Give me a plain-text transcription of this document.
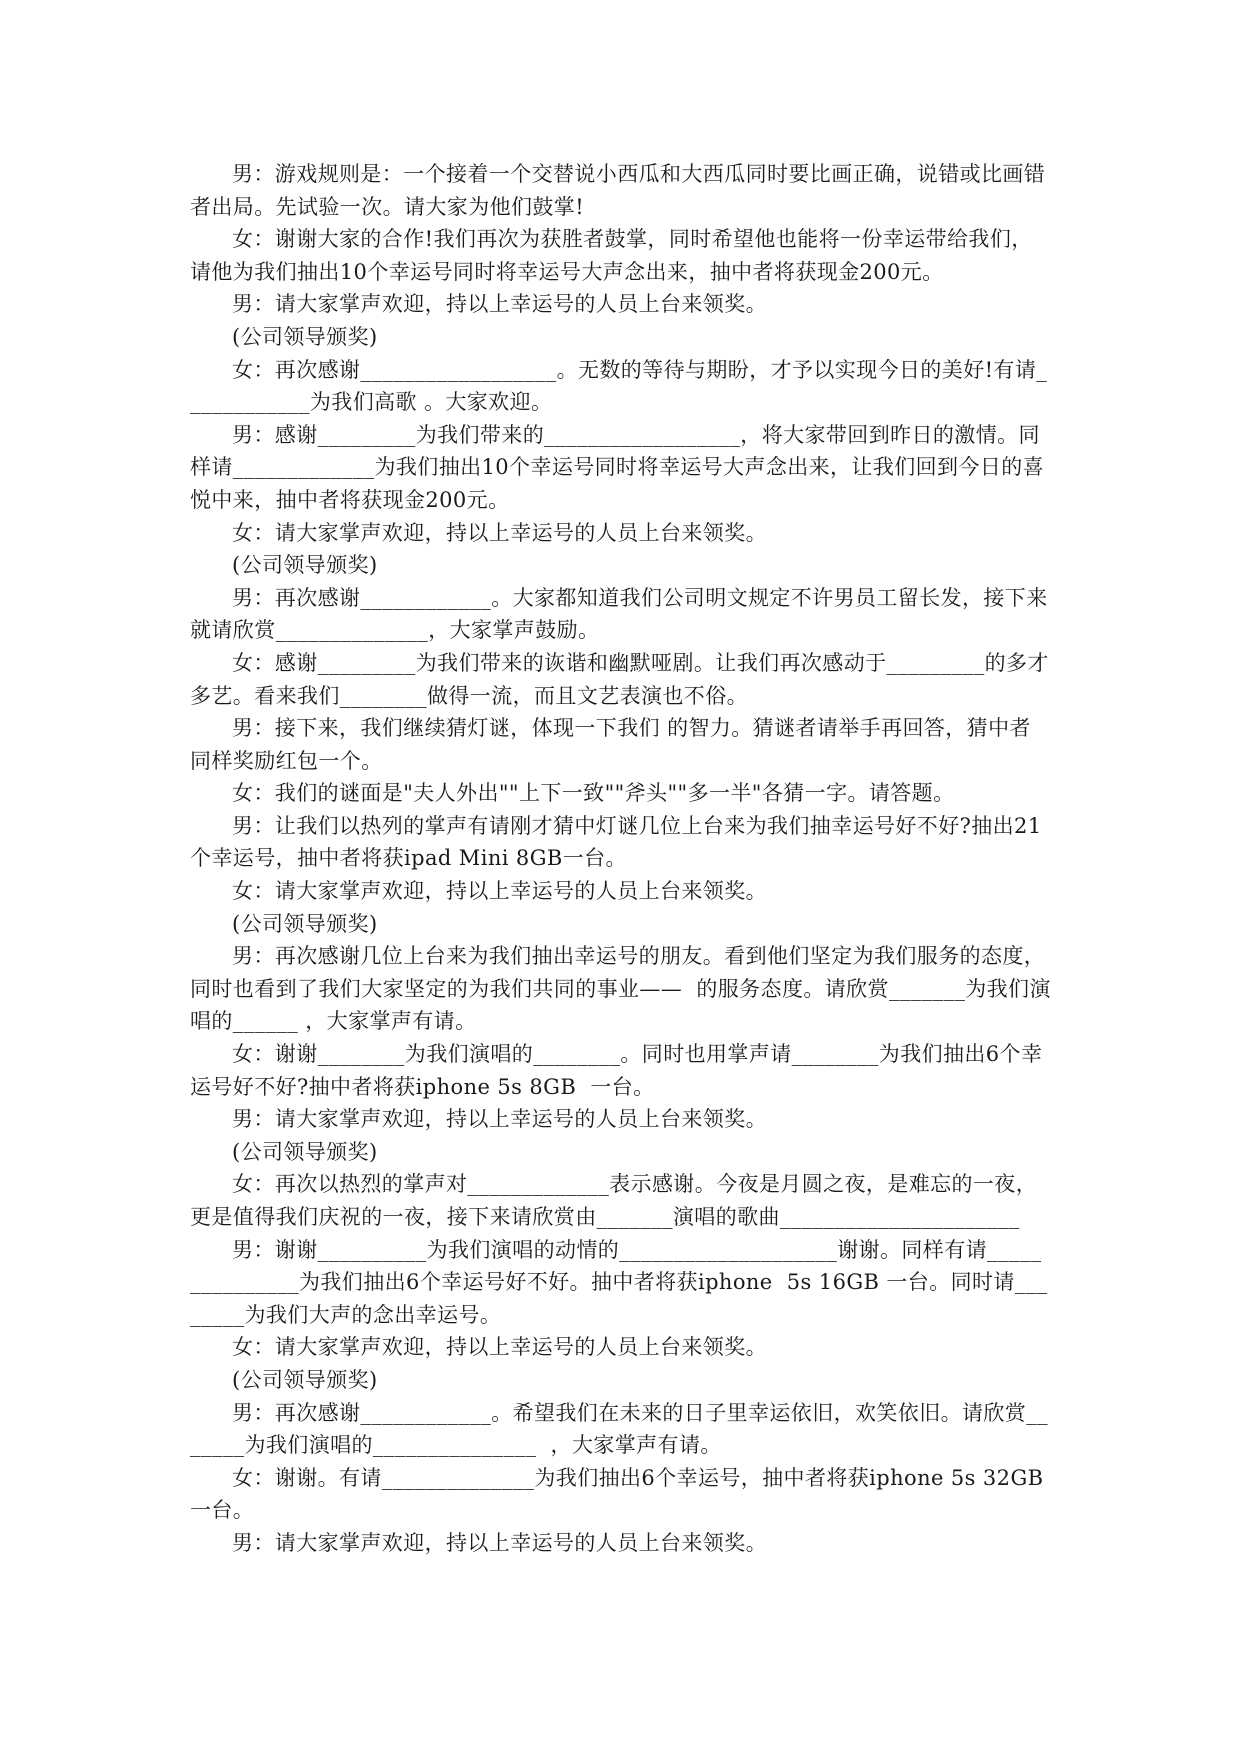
男：游戏规则是：一个接着一个交替说小西瓜和大西瓜同时要比画正确，说错或比画错者出局。先试验一次。请大家为他们鼓掌!

女：谢谢大家的合作!我们再次为获胜者鼓掌，同时希望他也能将一份幸运带给我们，请他为我们抽出10个幸运号同时将幸运号大声念出来，抽中者将获现金200元。

男：请大家掌声欢迎，持以上幸运号的人员上台来领奖。

(公司领导颁奖)

女：再次感谢__________________。无数的等待与期盼，才予以实现今日的美好!有请____________为我们高歌 。大家欢迎。

男：感谢_________为我们带来的__________________，将大家带回到昨日的激情。同样请_____________为我们抽出10个幸运号同时将幸运号大声念出来，让我们回到今日的喜悦中来，抽中者将获现金200元。

女：请大家掌声欢迎，持以上幸运号的人员上台来领奖。

(公司领导颁奖)

男：再次感谢____________。大家都知道我们公司明文规定不许男员工留长发，接下来就请欣赏______________，大家掌声鼓励。

女：感谢_________为我们带来的诙谐和幽默哑剧。让我们再次感动于_________的多才多艺。看来我们________做得一流，而且文艺表演也不俗。

男：接下来，我们继续猜灯谜，体现一下我们 的智力。猜谜者请举手再回答，猜中者同样奖励红包一个。

女：我们的谜面是"夫人外出""上下一致""斧头""多一半"各猜一字。请答题。

男：让我们以热列的掌声有请刚才猜中灯谜几位上台来为我们抽幸运号好不好?抽出21个幸运号，抽中者将获ipad Mini 8GB一台。

女：请大家掌声欢迎，持以上幸运号的人员上台来领奖。

(公司领导颁奖)

男：再次感谢几位上台来为我们抽出幸运号的朋友。看到他们坚定为我们服务的态度，同时也看到了我们大家坚定的为我们共同的事业——  的服务态度。请欣赏_______为我们演唱的______ ，大家掌声有请。

女：谢谢________为我们演唱的________。同时也用掌声请________为我们抽出6个幸运号好不好?抽中者将获iphone 5s 8GB  一台。

男：请大家掌声欢迎，持以上幸运号的人员上台来领奖。

(公司领导颁奖)

女：再次以热烈的掌声对_____________表示感谢。今夜是月圆之夜，是难忘的一夜，更是值得我们庆祝的一夜，接下来请欣赏由_______演唱的歌曲______________________

男：谢谢__________为我们演唱的动情的____________________谢谢。同样有请_______________为我们抽出6个幸运号好不好。抽中者将获iphone  5s 16GB 一台。同时请________为我们大声的念出幸运号。

女：请大家掌声欢迎，持以上幸运号的人员上台来领奖。

(公司领导颁奖)

男：再次感谢____________。希望我们在未来的日子里幸运依旧，欢笑依旧。请欣赏_______为我们演唱的_______________  ，大家掌声有请。

女：谢谢。有请______________为我们抽出6个幸运号，抽中者将获iphone 5s 32GB一台。

男：请大家掌声欢迎，持以上幸运号的人员上台来领奖。
